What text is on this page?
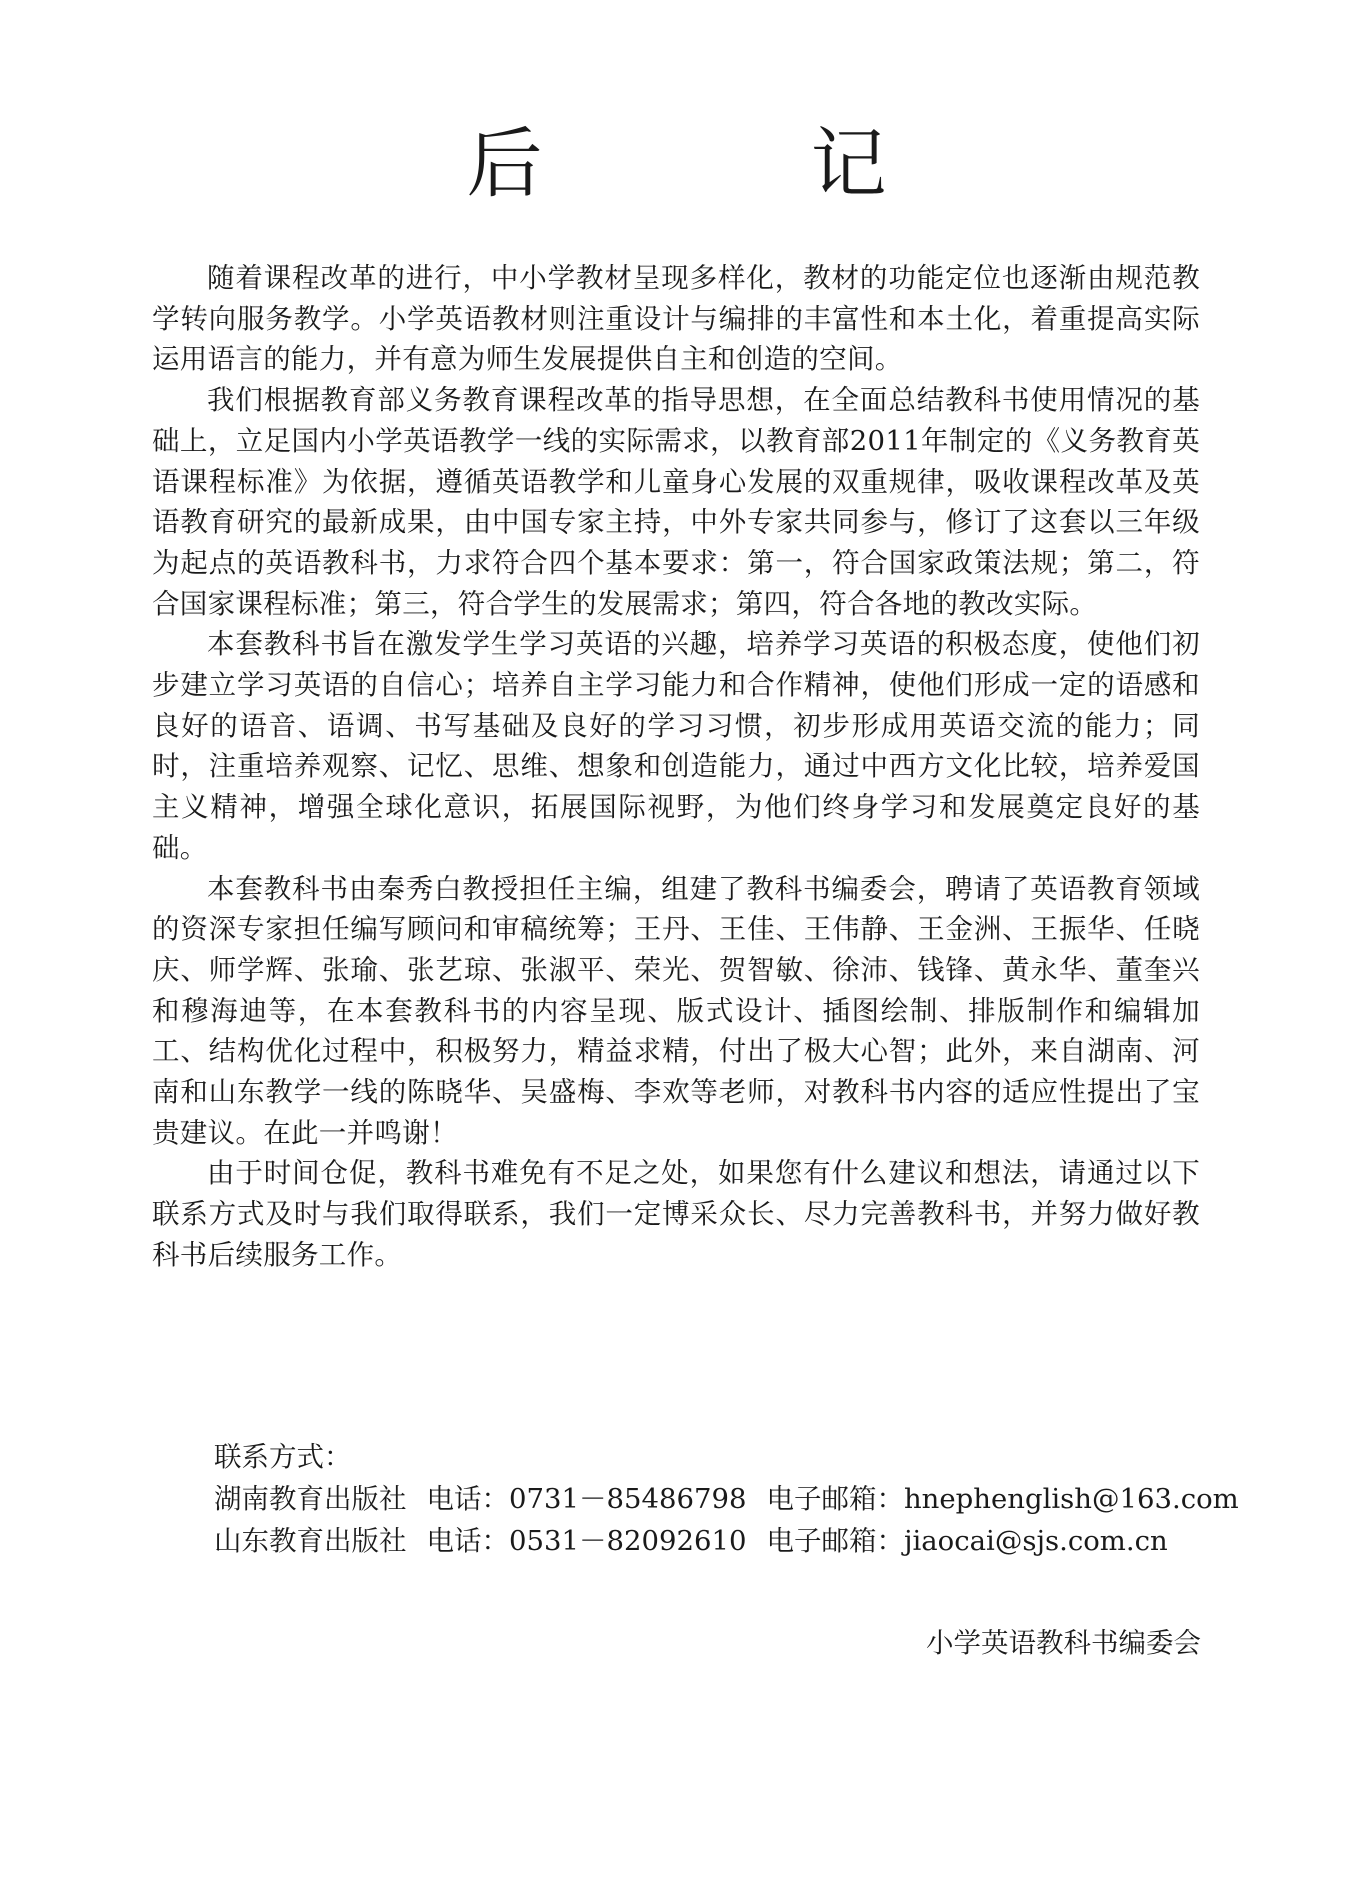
后　记

随着课程改革的进行，中小学教材呈现多样化，教材的功能定位也逐渐由规范教学转向服务教学。小学英语教材则注重设计与编排的丰富性和本土化，着重提高实际运用语言的能力，并有意为师生发展提供自主和创造的空间。

我们根据教育部义务教育课程改革的指导思想，在全面总结教科书使用情况的基础上，立足国内小学英语教学一线的实际需求，以教育部2011年制定的《义务教育英语课程标准》为依据，遵循英语教学和儿童身心发展的双重规律，吸收课程改革及英语教育研究的最新成果，由中国专家主持，中外专家共同参与，修订了这套以三年级为起点的英语教科书，力求符合四个基本要求：第一，符合国家政策法规；第二，符合国家课程标准；第三，符合学生的发展需求；第四，符合各地的教改实际。

本套教科书旨在激发学生学习英语的兴趣，培养学习英语的积极态度，使他们初步建立学习英语的自信心；培养自主学习能力和合作精神，使他们形成一定的语感和良好的语音、语调、书写基础及良好的学习习惯，初步形成用英语交流的能力；同时，注重培养观察、记忆、思维、想象和创造能力，通过中西方文化比较，培养爱国主义精神，增强全球化意识，拓展国际视野，为他们终身学习和发展奠定良好的基础。

本套教科书由秦秀白教授担任主编，组建了教科书编委会，聘请了英语教育领域的资深专家担任编写顾问和审稿统筹；王丹、王佳、王伟静、王金洲、王振华、任晓庆、师学辉、张瑜、张艺琼、张淑平、荣光、贺智敏、徐沛、钱锋、黄永华、董奎兴和穆海迪等，在本套教科书的内容呈现、版式设计、插图绘制、排版制作和编辑加工、结构优化过程中，积极努力，精益求精，付出了极大心智；此外，来自湖南、河南和山东教学一线的陈晓华、吴盛梅、李欢等老师，对教科书内容的适应性提出了宝贵建议。在此一并鸣谢！

由于时间仓促，教科书难免有不足之处，如果您有什么建议和想法，请通过以下联系方式及时与我们取得联系，我们一定博采众长、尽力完善教科书，并努力做好教科书后续服务工作。

联系方式：
湖南教育出版社 电话：0731－85486798 电子邮箱：hnephenglish@163.com
山东教育出版社 电话：0531－82092610 电子邮箱：jiaocai@sjs.com.cn
小学英语教科书编委会
